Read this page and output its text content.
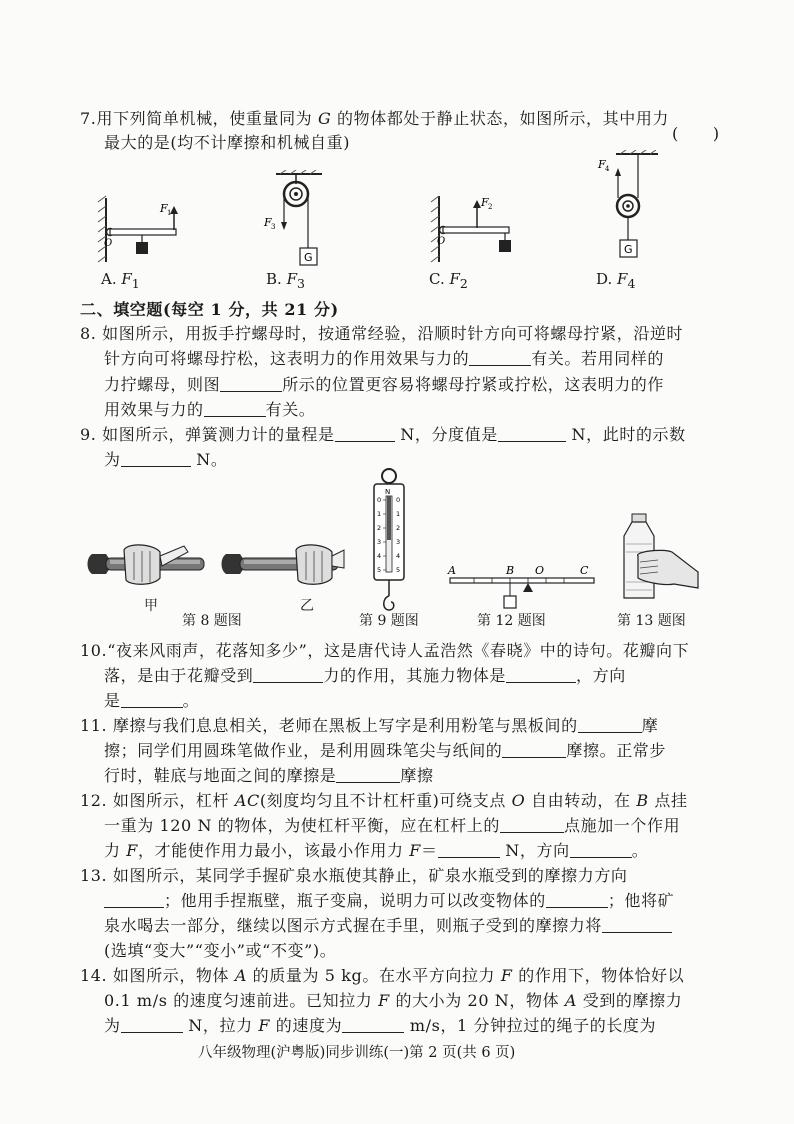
7.用下列简单机械，使重量同为 G 的物体都处于静止状态，如图所示，其中用力
最大的是(均不计摩擦和机械自重)	( )
F 1
O
A. $F_1$
F 3
G
B. $F_3$
F 2
O
C. $F_2$
F 4
G
D. $F_4$
二、填空题(每空 1 分，共 21 分)
8. 如图所示，用扳手拧螺母时，按通常经验，沿顺时针方向可将螺母拧紧，沿逆时
针方向可将螺母拧松，这表明力的作用效果与力的	有关。若用同样的
力拧螺母，则图	所示的位置更容易将螺母拧紧或拧松，这表明力的作
用效果与力的	有关。
9. 如图所示，弹簧测力计的量程是	N，分度值是	N，此时的示数
为	N。
甲	乙
第 8 题图
N
0 0
1 1
2 2
3 3
4 4
5 5
第 9 题图
A	B O	C
第 12 题图	第 13 题图
10.“夜来风雨声，花落知多少”，这是唐代诗人孟浩然《春晓》中的诗句。花瓣向下
落，是由于花瓣受到	力的作用，其施力物体是	，方向
是	。
11. 摩擦与我们息息相关，老师在黑板上写字是利用粉笔与黑板间的	摩
擦；同学们用圆珠笔做作业，是利用圆珠笔尖与纸间的	摩擦。正常步
行时，鞋底与地面之间的摩擦是	摩擦
12. 如图所示，杠杆 AC(刻度均匀且不计杠杆重)可绕支点 O 自由转动，在 B 点挂
一重为 120 N 的物体，为使杠杆平衡，应在杠杆上的	点施加一个作用
力 F，才能使作用力最小，该最小作用力 F＝	N，方向	。
13. 如图所示，某同学手握矿泉水瓶使其静止，矿泉水瓶受到的摩擦力方向
；他用手捏瓶壁，瓶子变扁，说明力可以改变物体的	；他将矿
泉水喝去一部分，继续以图示方式握在手里，则瓶子受到的摩擦力将
(选填“变大”“变小”或“不变”)。
14. 如图所示，物体 A 的质量为 5 kg。在水平方向拉力 F 的作用下，物体恰好以
0.1 m/s 的速度匀速前进。已知拉力 F 的大小为 20 N，物体 A 受到的摩擦力
为	N，拉力 F 的速度为	m/s，1 分钟拉过的绳子的长度为
八年级物理(沪粤版)同步训练(一)第 2 页(共 6 页)
